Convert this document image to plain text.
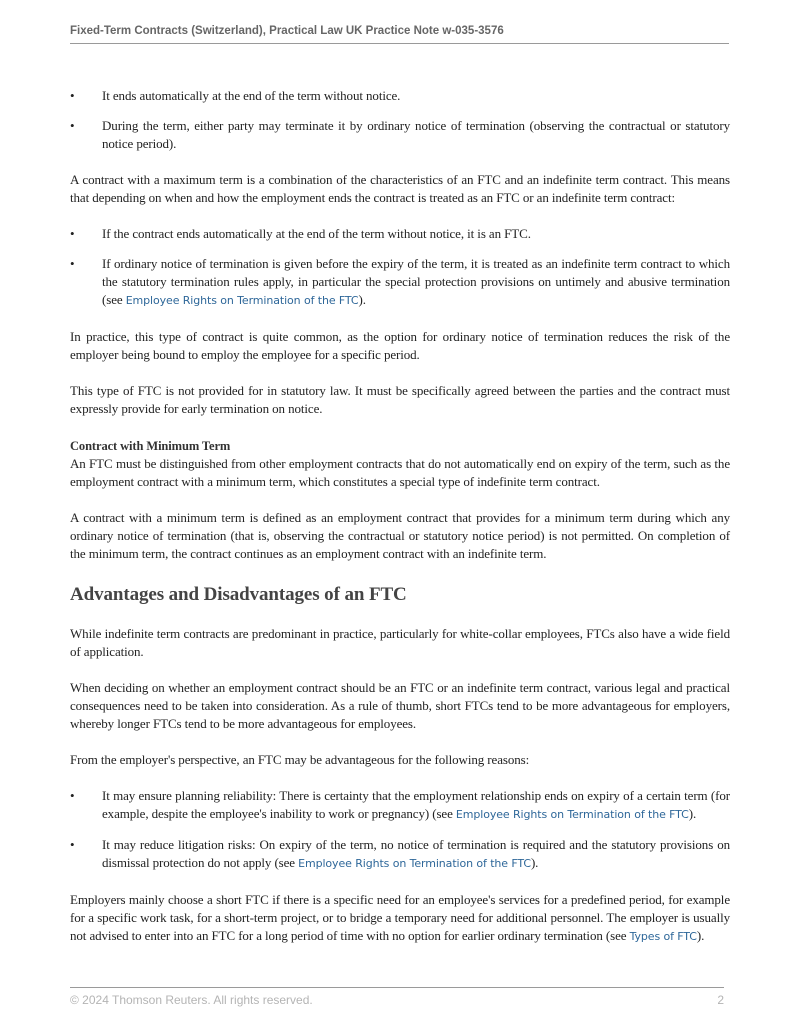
Fixed-Term Contracts (Switzerland), Practical Law UK Practice Note w-035-3576
• It ends automatically at the end of the term without notice.
• During the term, either party may terminate it by ordinary notice of termination (observing the contractual or statutory notice period).

A contract with a maximum term is a combination of the characteristics of an FTC and an indefinite term contract. This means that depending on when and how the employment ends the contract is treated as an FTC or an indefinite term contract:

• If the contract ends automatically at the end of the term without notice, it is an FTC.
• If ordinary notice of termination is given before the expiry of the term, it is treated as an indefinite term contract to which the statutory termination rules apply, in particular the special protection provisions on untimely and abusive termination (see Employee Rights on Termination of the FTC).

In practice, this type of contract is quite common, as the option for ordinary notice of termination reduces the risk of the employer being bound to employ the employee for a specific period.

This type of FTC is not provided for in statutory law. It must be specifically agreed between the parties and the contract must expressly provide for early termination on notice.

Contract with Minimum Term

An FTC must be distinguished from other employment contracts that do not automatically end on expiry of the term, such as the employment contract with a minimum term, which constitutes a special type of indefinite term contract.

A contract with a minimum term is defined as an employment contract that provides for a minimum term during which any ordinary notice of termination (that is, observing the contractual or statutory notice period) is not permitted. On completion of the minimum term, the contract continues as an employment contract with an indefinite term.

Advantages and Disadvantages of an FTC

While indefinite term contracts are predominant in practice, particularly for white-collar employees, FTCs also have a wide field of application.

When deciding on whether an employment contract should be an FTC or an indefinite term contract, various legal and practical consequences need to be taken into consideration. As a rule of thumb, short FTCs tend to be more advantageous for employers, whereby longer FTCs tend to be more advantageous for employees.

From the employer's perspective, an FTC may be advantageous for the following reasons:

• It may ensure planning reliability: There is certainty that the employment relationship ends on expiry of a certain term (for example, despite the employee's inability to work or pregnancy) (see Employee Rights on Termination of the FTC).
• It may reduce litigation risks: On expiry of the term, no notice of termination is required and the statutory provisions on dismissal protection do not apply (see Employee Rights on Termination of the FTC).

Employers mainly choose a short FTC if there is a specific need for an employee's services for a predefined period, for example for a specific work task, for a short-term project, or to bridge a temporary need for additional personnel. The employer is usually not advised to enter into an FTC for a long period of time with no option for earlier ordinary termination (see Types of FTC).

© 2024 Thomson Reuters. All rights reserved.	2
